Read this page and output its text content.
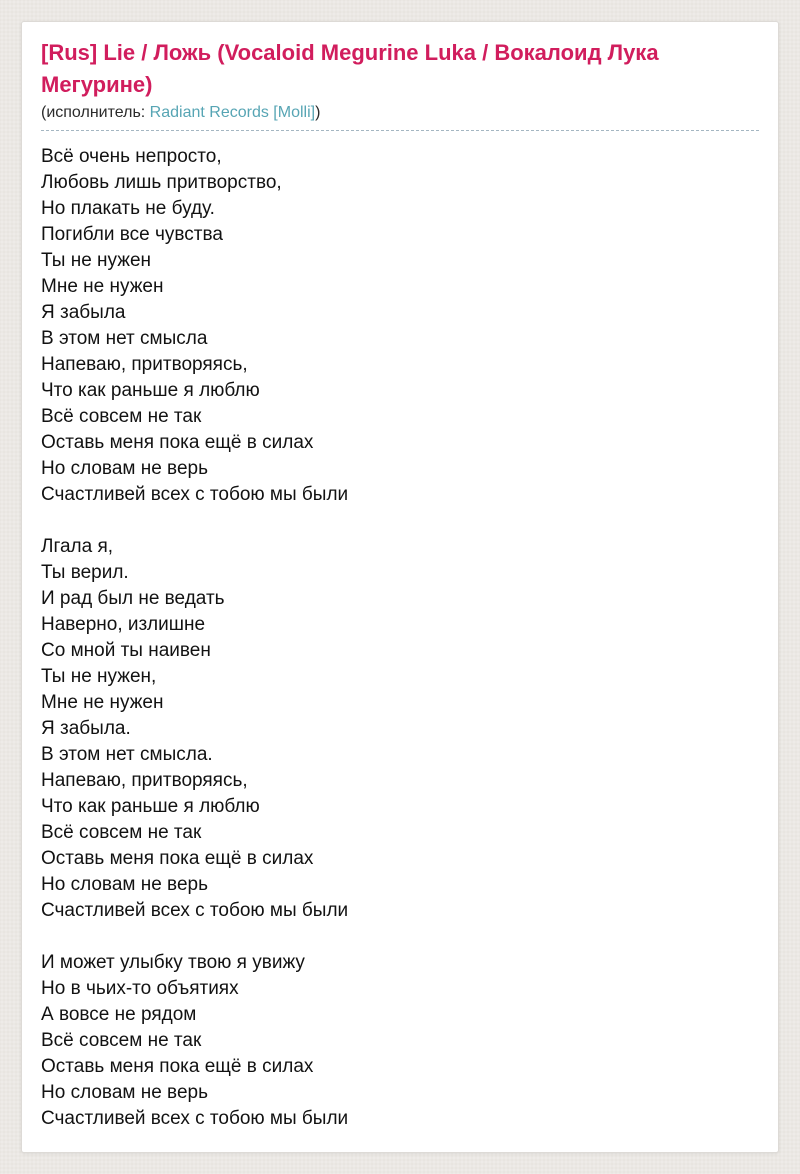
[Rus] Lie / Ложь (Vocaloid Megurine Luka / Вокалоид Лука Мегурине)
(исполнитель: Radiant Records [Molli])
Всё очень непросто,
Любовь лишь притворство,
Но плакать не буду.
Погибли все чувства
Ты не нужен
Мне не нужен
Я забыла
В этом нет смысла
Напеваю, притворяясь,
Что как раньше я люблю
Всё совсем не так
Оставь меня пока ещё в силах
Но словам не верь
Счастливей всех с тобою мы были
Лгала я,
Ты верил.
И рад был не ведать
Наверно, излишне
Со мной ты наивен
Ты не нужен,
Мне не нужен
Я забыла.
В этом нет смысла.
Напеваю, притворяясь,
Что как раньше я люблю
Всё совсем не так
Оставь меня пока ещё в силах
Но словам не верь
Счастливей всех с тобою мы были
И может улыбку твою я увижу
Но в чьих-то объятиях
А вовсе не рядом
Всё совсем не так
Оставь меня пока ещё в силах
Но словам не верь
Счастливей всех с тобою мы были
